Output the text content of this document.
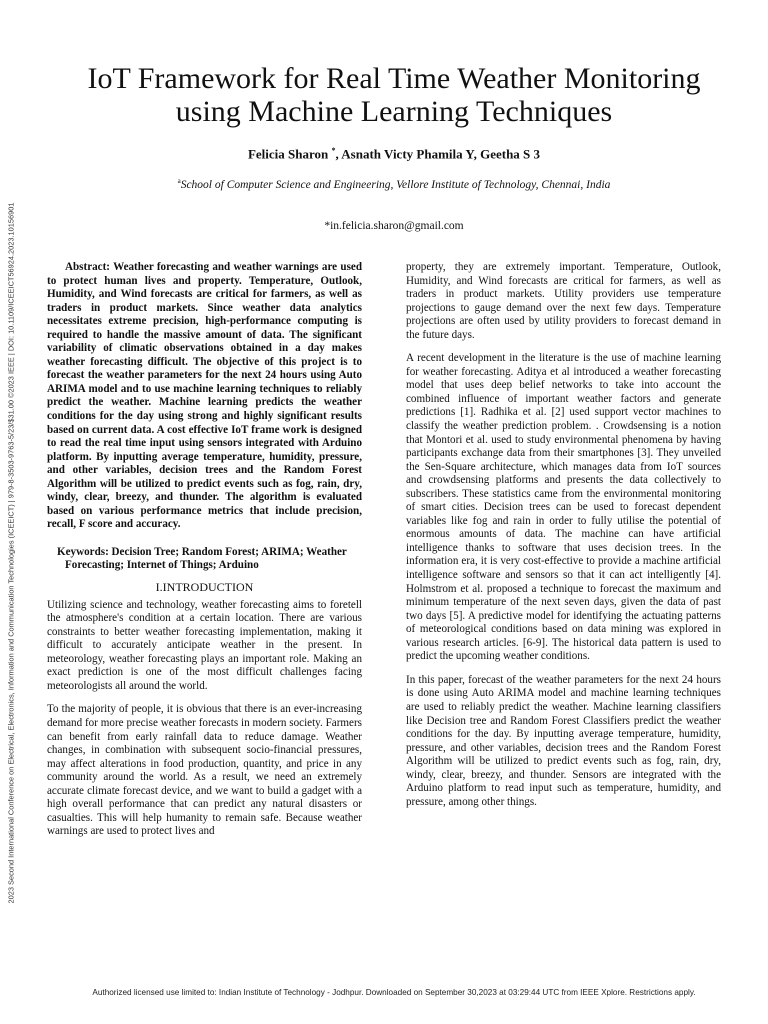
2023 Second International Conference on Electrical, Electronics, Information and Communication Technologies (ICEEICT) | 979-8-3503-9763-5/23/$31.00 ©2023 IEEE | DOI: 10.1109/ICEEICT56924.2023.10156901
IoT Framework for Real Time Weather Monitoring
using Machine Learning Techniques
Felicia Sharon *, Asnath Victy Phamila Y, Geetha S 3
$^a$School of Computer Science and Engineering, Vellore Institute of Technology, Chennai, India
*in.felicia.sharon@gmail.com

Abstract: Weather forecasting and weather warnings are used to protect human lives and property. Temperature, Outlook, Humidity, and Wind forecasts are critical for farmers, as well as traders in product markets. Since weather data analytics necessitates extreme precision, high-performance computing is required to handle the massive amount of data. The significant variability of climatic observations obtained in a day makes weather forecasting difficult. The objective of this project is to forecast the weather parameters for the next 24 hours using Auto ARIMA model and to use machine learning techniques to reliably predict the weather. Machine learning predicts the weather conditions for the day using strong and highly significant results based on current data. A cost effective IoT frame work is designed to read the real time input using sensors integrated with Arduino platform. By inputting average temperature, humidity, pressure, and other variables, decision trees and the Random Forest Algorithm will be utilized to predict events such as fog, rain, dry, windy, clear, breezy, and thunder. The algorithm is evaluated based on various performance metrics that include precision, recall, F score and accuracy.

Keywords: Decision Tree; Random Forest; ARIMA; Weather Forecasting; Internet of Things; Arduino

I.INTRODUCTION

Utilizing science and technology, weather forecasting aims to foretell the atmosphere's condition at a certain location. There are various constraints to better weather forecasting implementation, making it difficult to accurately anticipate weather in the present. In meteorology, weather forecasting plays an important role. Making an exact prediction is one of the most difficult challenges facing meteorologists all around the world.

To the majority of people, it is obvious that there is an ever-increasing demand for more precise weather forecasts in modern society. Farmers can benefit from early rainfall data to reduce damage. Weather changes, in combination with subsequent socio-financial pressures, may affect alterations in food production, quantity, and price in any community around the world. As a result, we need an extremely accurate climate forecast device, and we want to build a gadget with a high overall performance that can predict any natural disasters or casualties. This will help humanity to remain safe. Because weather warnings are used to protect lives and

property, they are extremely important. Temperature, Outlook, Humidity, and Wind forecasts are critical for farmers, as well as traders in product markets. Utility providers use temperature projections to gauge demand over the next few days. Temperature projections are often used by utility providers to forecast demand in the future days.

A recent development in the literature is the use of machine learning for weather forecasting. Aditya et al introduced a weather forecasting model that uses deep belief networks to take into account the combined influence of important weather factors and generate predictions [1]. Radhika et al. [2] used support vector machines to classify the weather prediction problem. . Crowdsensing is a notion that Montori et al. used to study environmental phenomena by having participants exchange data from their smartphones [3]. They unveiled the Sen-Square architecture, which manages data from IoT sources and crowdsensing platforms and presents the data collectively to subscribers. These statistics came from the environmental monitoring of smart cities. Decision trees can be used to forecast dependent variables like fog and rain in order to fully utilise the potential of enormous amounts of data. The machine can have artificial intelligence thanks to software that uses decision trees. In the information era, it is very cost-effective to provide a machine artificial intelligence software and sensors so that it can act intelligently [4]. Holmstrom et al. proposed a technique to forecast the maximum and minimum temperature of the next seven days, given the data of past two days [5]. A predictive model for identifying the actuating patterns of meteorological conditions based on data mining was explored in various research articles. [6-9]. The historical data pattern is used to predict the upcoming weather conditions.

In this paper, forecast of the weather parameters for the next 24 hours is done using Auto ARIMA model and machine learning techniques are used to reliably predict the weather. Machine learning classifiers like Decision tree and Random Forest Classifiers predict the weather conditions for the day. By inputting average temperature, humidity, pressure, and other variables, decision trees and the Random Forest Algorithm will be utilized to predict events such as fog, rain, dry, windy, clear, breezy, and thunder. Sensors are integrated with the Arduino platform to read input such as temperature, humidity, and pressure, among other things.

Authorized licensed use limited to: Indian Institute of Technology - Jodhpur. Downloaded on September 30,2023 at 03:29:44 UTC from IEEE Xplore. Restrictions apply.
